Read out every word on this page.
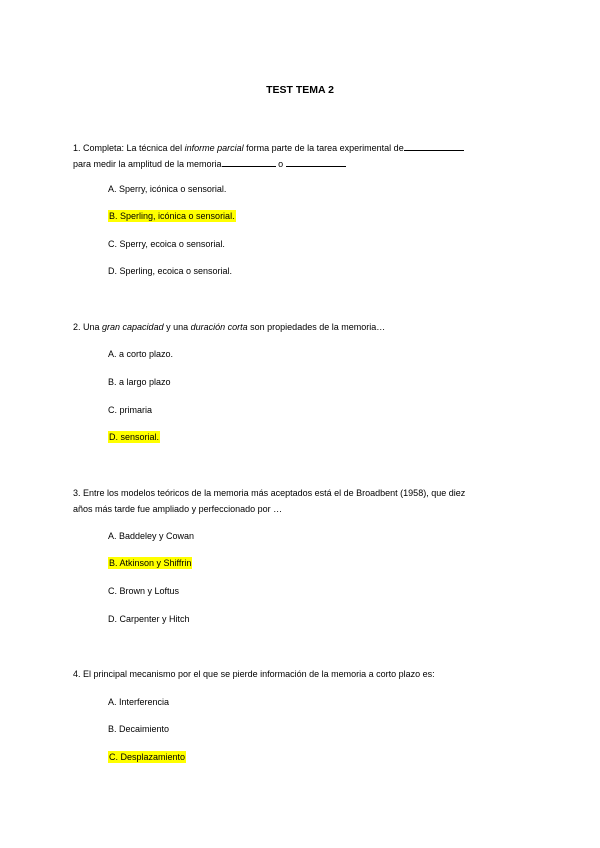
TEST TEMA 2
1. Completa: La técnica del informe parcial forma parte de la tarea experimental de
para medir la amplitud de la memoria	o
A. Sperry, icónica o sensorial.
B. Sperling, icónica o sensorial.
C. Sperry, ecoica o sensorial.
D. Sperling, ecoica o sensorial.
2. Una gran capacidad y una duración corta son propiedades de la memoria…
A. a corto plazo.
B. a largo plazo
C. primaria
D. sensorial.
3. Entre los modelos teóricos de la memoria más aceptados está el de Broadbent (1958), que diez
años más tarde fue ampliado y perfeccionado por …
A. Baddeley y Cowan
B. Atkinson y Shiffrin
C. Brown y Loftus
D. Carpenter y Hitch
4. El principal mecanismo por el que se pierde información de la memoria a corto plazo es:
A. Interferencia
B. Decaimiento
C. Desplazamiento
